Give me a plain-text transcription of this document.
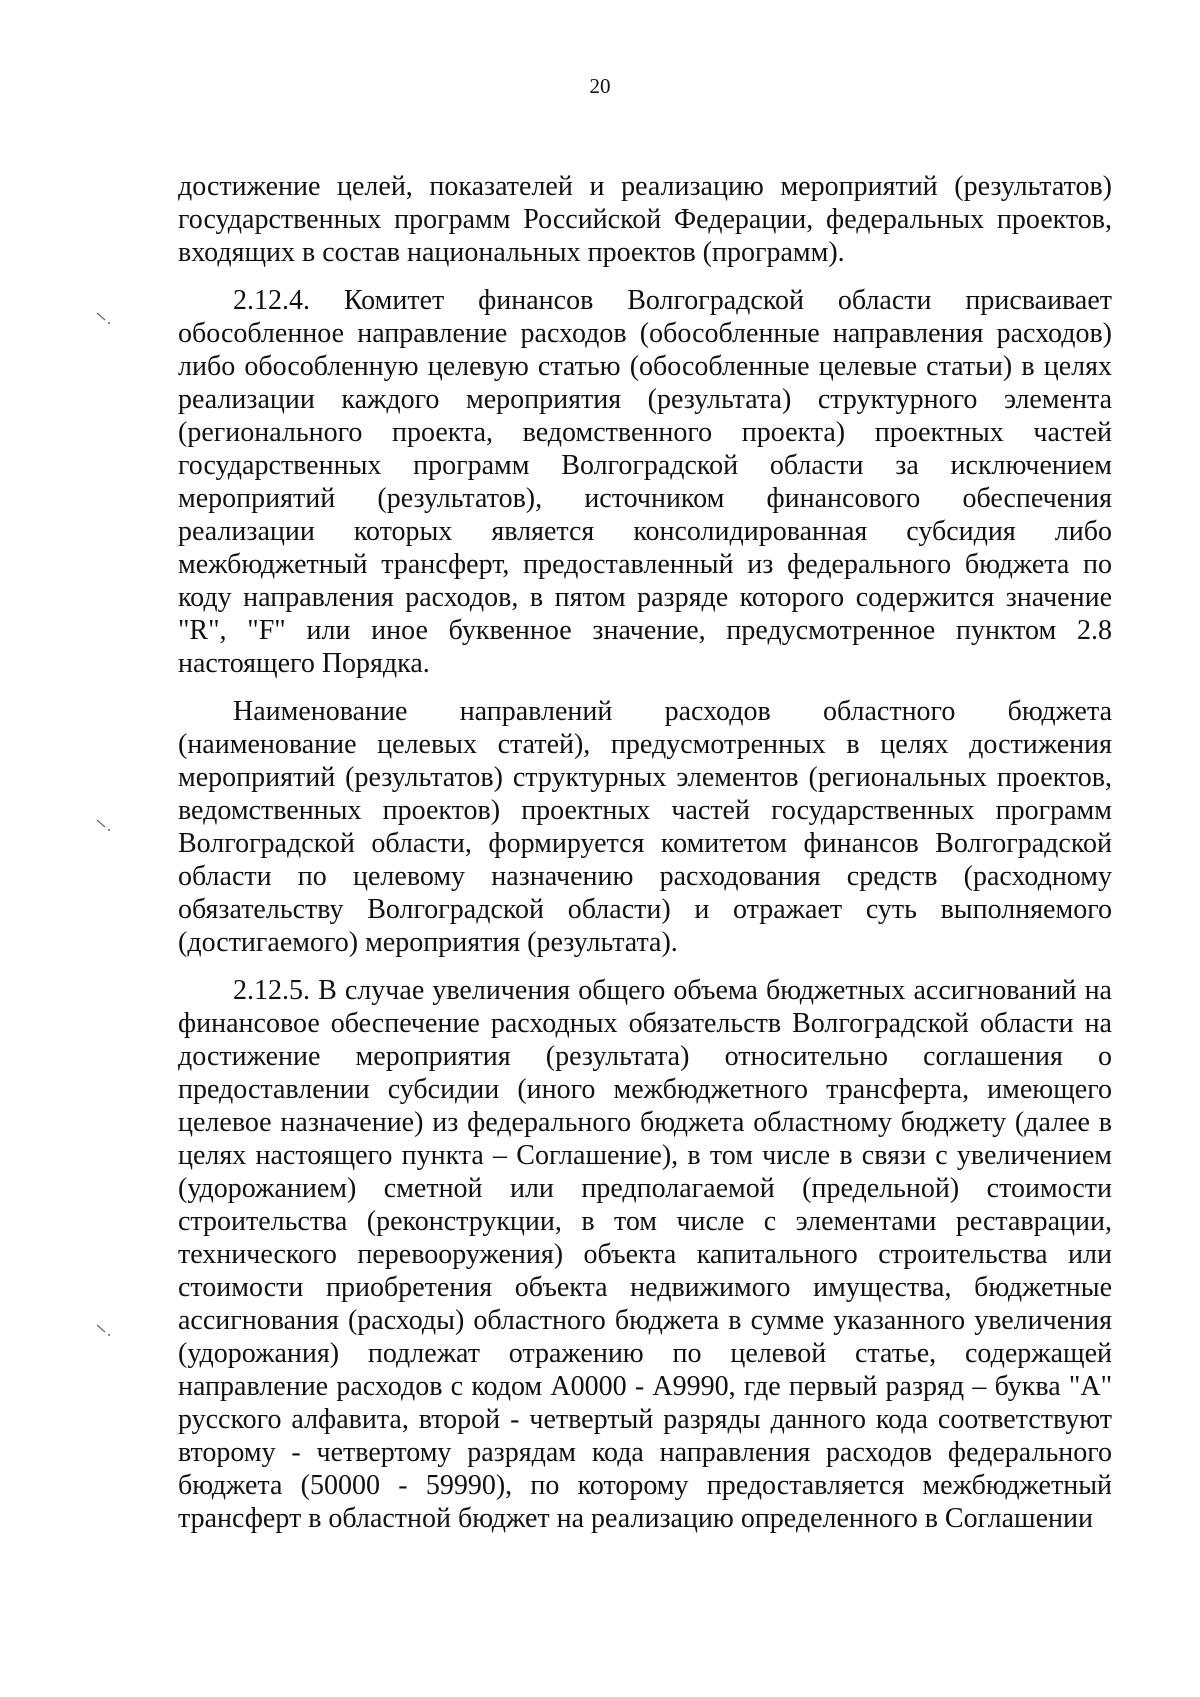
20

достижение целей, показателей и реализацию мероприятий (результатов) государственных программ Российской Федерации, федеральных проектов, входящих в состав национальных проектов (программ).

2.12.4. Комитет финансов Волгоградской области присваивает обособленное направление расходов (обособленные направления расходов) либо обособленную целевую статью (обособленные целевые статьи) в целях реализации каждого мероприятия (результата) структурного элемента (регионального проекта, ведомственного проекта) проектных частей государственных программ Волгоградской области за исключением мероприятий (результатов), источником финансового обеспечения реализации которых является консолидированная субсидия либо межбюджетный трансферт, предоставленный из федерального бюджета по коду направления расходов, в пятом разряде которого содержится значение "R", "F" или иное буквенное значение, предусмотренное пунктом 2.8 настоящего Порядка.

Наименование направлений расходов областного бюджета (наименование целевых статей), предусмотренных в целях достижения мероприятий (результатов) структурных элементов (региональных проектов, ведомственных проектов) проектных частей государственных программ Волгоградской области, формируется комитетом финансов Волгоградской области по целевому назначению расходования средств (расходному обязательству Волгоградской области) и отражает суть выполняемого (достигаемого) мероприятия (результата).

2.12.5. В случае увеличения общего объема бюджетных ассигнований на финансовое обеспечение расходных обязательств Волгоградской области на достижение мероприятия (результата) относительно соглашения о предоставлении субсидии (иного межбюджетного трансферта, имеющего целевое назначение) из федерального бюджета областному бюджету (далее в целях настоящего пункта – Соглашение), в том числе в связи с увеличением (удорожанием) сметной или предполагаемой (предельной) стоимости строительства (реконструкции, в том числе с элементами реставрации, технического перевооружения) объекта капитального строительства или стоимости приобретения объекта недвижимого имущества, бюджетные ассигнования (расходы) областного бюджета в сумме указанного увеличения (удорожания) подлежат отражению по целевой статье, содержащей направление расходов с кодом А0000 - А9990, где первый разряд – буква "А" русского алфавита, второй - четвертый разряды данного кода соответствуют второму - четвертому разрядам кода направления расходов федерального бюджета (50000 - 59990), по которому предоставляется межбюджетный трансферт в областной бюджет на реализацию определенного в Соглашении
